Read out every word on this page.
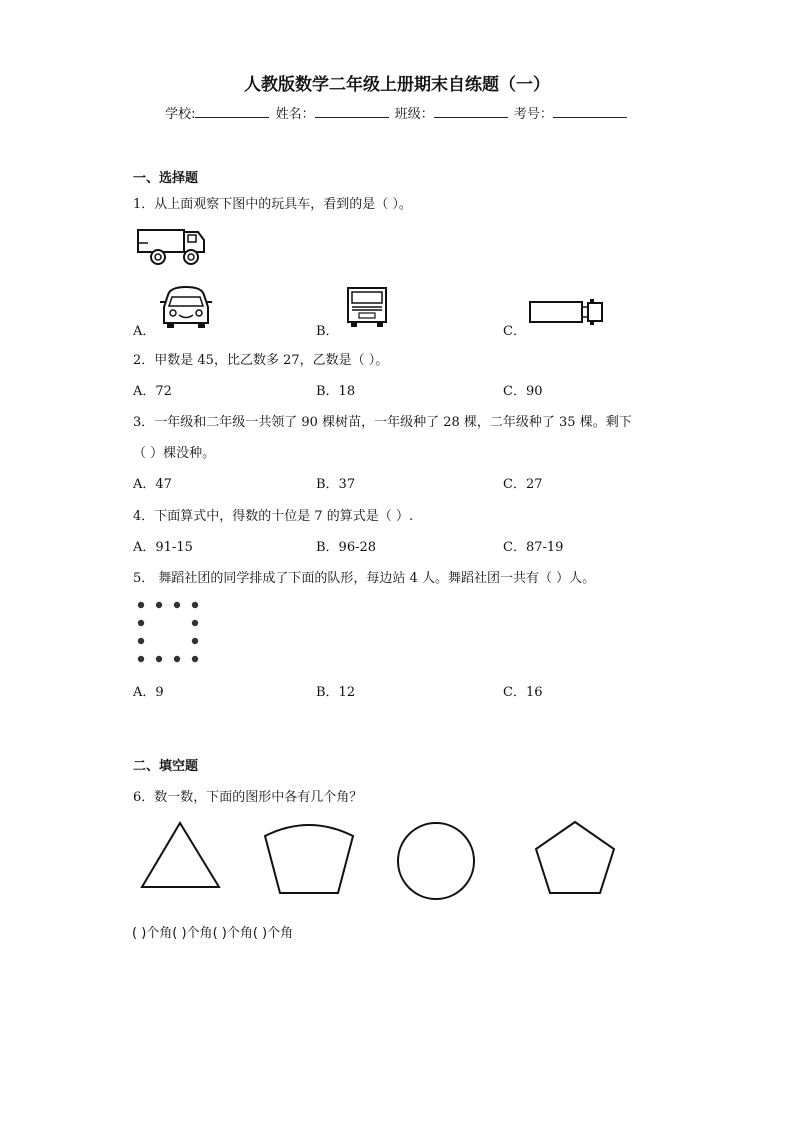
人教版数学二年级上册期末自练题（一）
学校:	姓名：	班级：	考号：
一、选择题
1．从上面观察下图中的玩具车，看到的是（ ）。
A．	B．	C．
2．甲数是 45，比乙数多 27，乙数是（ ）。
A．72	B．18	C．90
3．一年级和二年级一共领了 90 棵树苗，一年级种了 28 棵，二年级种了 35 棵。剩下
（ ）棵没种。
A．47	B．37	C．27
4．下面算式中，得数的十位是 7 的算式是（ ）.
A．91-15	B．96-28	C．87-19
5． 舞蹈社团的同学排成了下面的队形，每边站 4 人。舞蹈社团一共有（ ）人。
A．9	B．12	C．16
二、填空题
6．数一数，下面的图形中各有几个角？
( )个角( )个角( )个角( )个角
